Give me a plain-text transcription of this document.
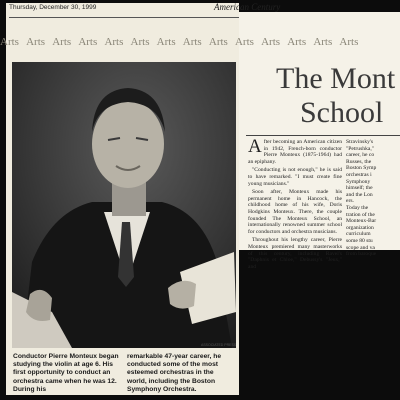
Thursday, December 30, 1999	American Century
Arts Arts Arts Arts Arts Arts Arts Arts Arts Arts Arts Arts Arts Arts
ASSOCIATED PRESS
Conductor Pierre Monteux began studying the violin at age 6. His first opportunity to conduct an orchestra came when he was 12. During his
remarkable 47-year career, he conducted some of the most esteemed orchestras in the world, including the Boston Symphony Orchestra.
The Mont
School

After becoming an American citizen in 1942, French-born conductor Pierre Monteux (1875-1964) had an epiphany.

"Conducting is not enough," he is said to have remarked. "I must create fine young musicians."

Soon after, Monteux made his permanent home in Hancock, the childhood home of his wife, Doris Hodgkins Monteux. There, the couple founded The Monteux School, an internationally renowned summer school for conductors and orchestra musicians.

Throughout his lengthy career, Pierre Monteux premiered many masterworks of this century, including Ravel's "Daphnis et Chloe," Debussy's "Jeux," and

Stravinsky's
"Petrushka,"
career, he co
Russes, the
Boston Symp
orchestras i
Symphony
himself; the
and the Lon
ers.
Today the
tration of the
Monteux-Bar
organization
curriculum
some 80 stu
scope and va
from baroque
